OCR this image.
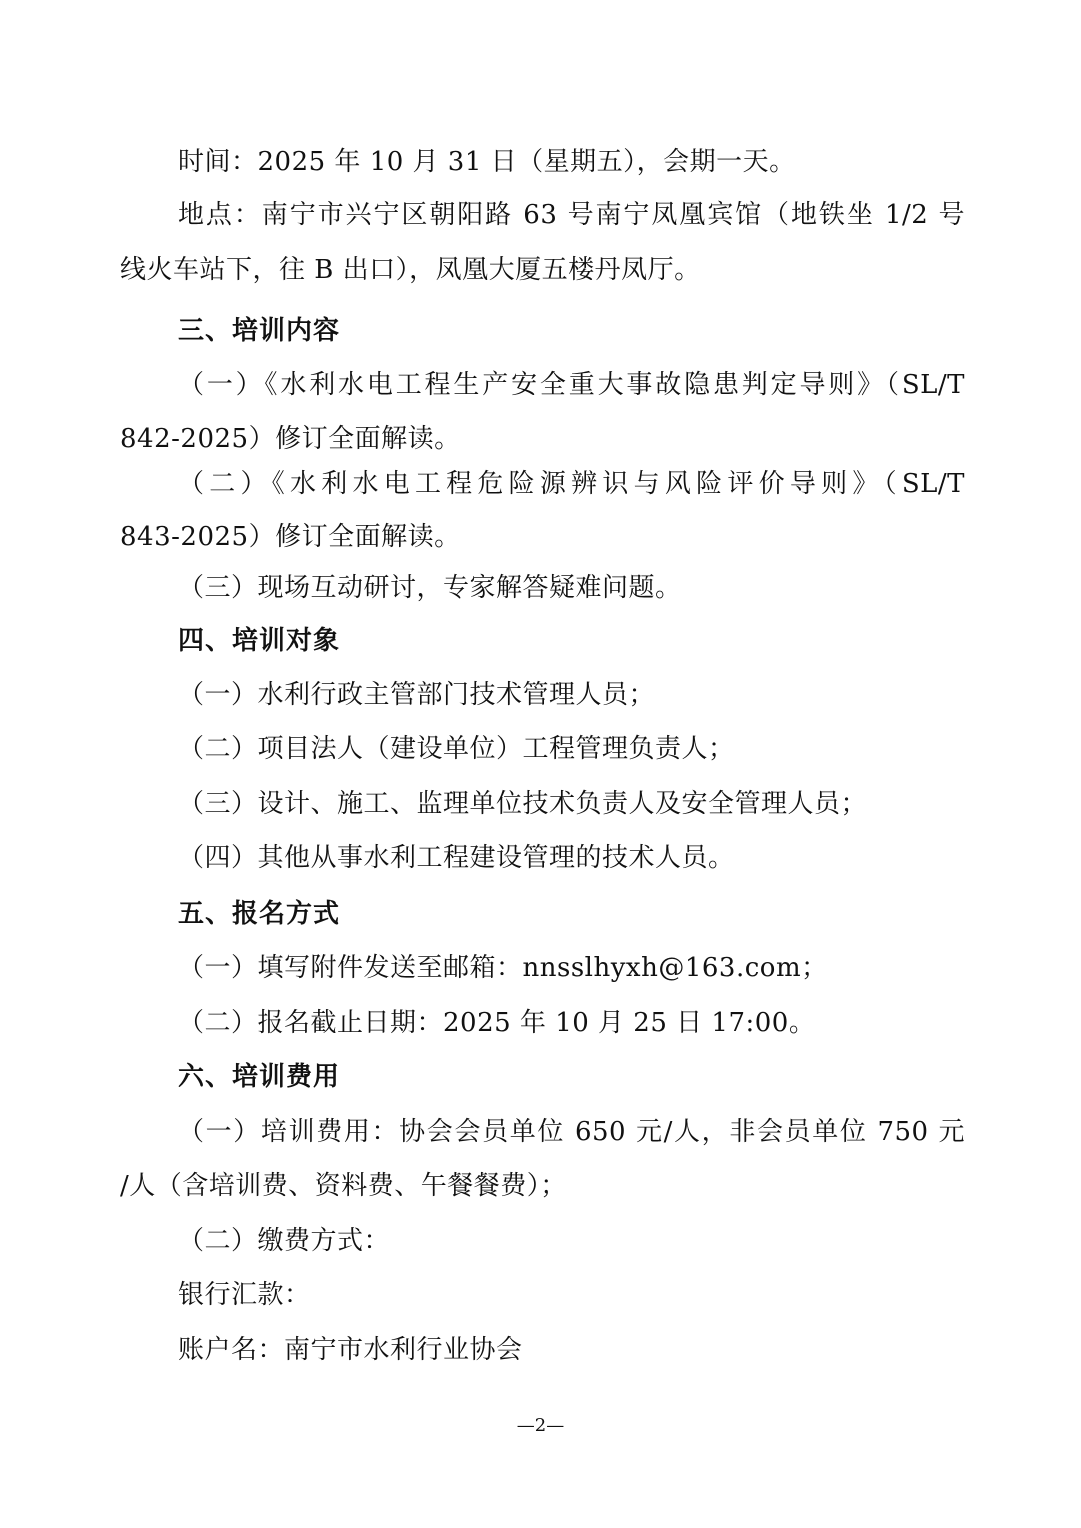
时间：2025 年 10 月 31 日（星期五），会期一天。
地点：南宁市兴宁区朝阳路 63 号南宁凤凰宾馆（地铁坐 1/2 号
线火车站下，往 B 出口），凤凰大厦五楼丹凤厅。
三、培训内容
（一）《水利水电工程生产安全重大事故隐患判定导则》（SL/T
842-2025）修订全面解读。
（二）《水利水电工程危险源辨识与风险评价导则》（SL/T
843-2025）修订全面解读。
（三）现场互动研讨，专家解答疑难问题。
四、培训对象
（一）水利行政主管部门技术管理人员；
（二）项目法人（建设单位）工程管理负责人；
（三）设计、施工、监理单位技术负责人及安全管理人员；
（四）其他从事水利工程建设管理的技术人员。
五、报名方式
（一）填写附件发送至邮箱：nnsslhyxh@163.com；
（二）报名截止日期：2025 年 10 月 25 日 17:00。
六、培训费用
（一）培训费用：协会会员单位 650 元/人，非会员单位 750 元
/人（含培训费、资料费、午餐餐费）；
（二）缴费方式：
银行汇款：
账户名：南宁市水利行业协会
—2—
